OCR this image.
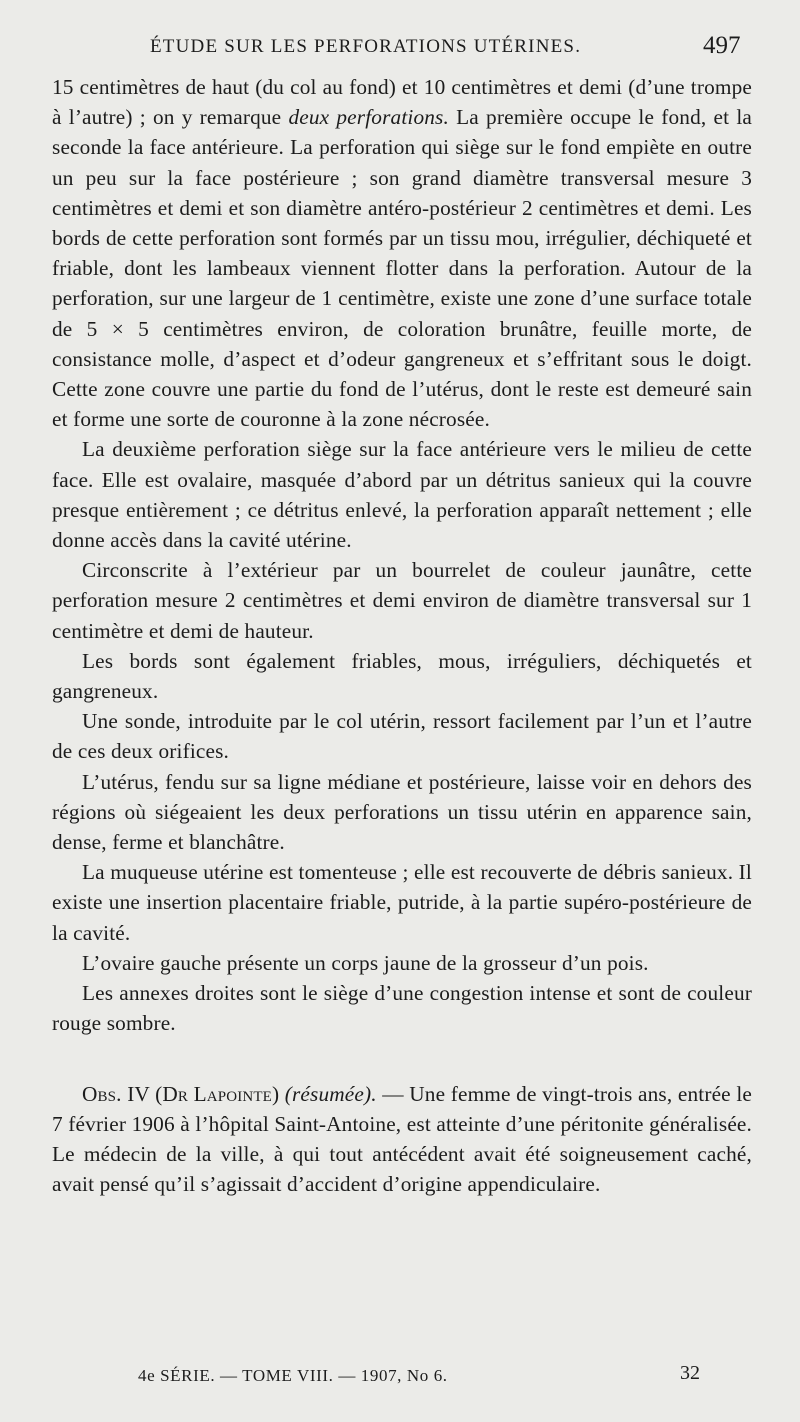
ÉTUDE SUR LES PERFORATIONS UTÉRINES.	497

15 centimètres de haut (du col au fond) et 10 centimètres et demi (d’une trompe à l’autre) ; on y remarque deux perforations. La première occupe le fond, et la seconde la face antérieure. La perforation qui siège sur le fond empiète en outre un peu sur la face postérieure ; son grand diamètre transversal mesure 3 centimètres et demi et son diamètre antéro-postérieur 2 centimètres et demi. Les bords de cette perforation sont formés par un tissu mou, irrégulier, déchiqueté et friable, dont les lambeaux viennent flotter dans la perforation. Autour de la perforation, sur une largeur de 1 centimètre, existe une zone d’une surface totale de 5 × 5 centimètres environ, de coloration brunâtre, feuille morte, de consistance molle, d’aspect et d’odeur gangreneux et s’effritant sous le doigt. Cette zone couvre une partie du fond de l’utérus, dont le reste est demeuré sain et forme une sorte de couronne à la zone nécrosée.

La deuxième perforation siège sur la face antérieure vers le milieu de cette face. Elle est ovalaire, masquée d’abord par un détritus sanieux qui la couvre presque entièrement ; ce détritus enlevé, la perforation apparaît nettement ; elle donne accès dans la cavité utérine.

Circonscrite à l’extérieur par un bourrelet de couleur jaunâtre, cette perforation mesure 2 centimètres et demi environ de diamètre transversal sur 1 centimètre et demi de hauteur.

Les bords sont également friables, mous, irréguliers, déchiquetés et gangreneux.

Une sonde, introduite par le col utérin, ressort facilement par l’un et l’autre de ces deux orifices.

L’utérus, fendu sur sa ligne médiane et postérieure, laisse voir en dehors des régions où siégeaient les deux perforations un tissu utérin en apparence sain, dense, ferme et blanchâtre.

La muqueuse utérine est tomenteuse ; elle est recouverte de débris sanieux. Il existe une insertion placentaire friable, putride, à la partie supéro-postérieure de la cavité.

L’ovaire gauche présente un corps jaune de la grosseur d’un pois.

Les annexes droites sont le siège d’une congestion intense et sont de couleur rouge sombre.

Obs. IV (Dr Lapointe) (résumée). — Une femme de vingt-trois ans, entrée le 7 février 1906 à l’hôpital Saint-Antoine, est atteinte d’une péritonite généralisée. Le médecin de la ville, à qui tout antécédent avait été soigneusement caché, avait pensé qu’il s’agissait d’accident d’origine appendiculaire.

4e SÉRIE. — TOME VIII. — 1907, No 6.	32
